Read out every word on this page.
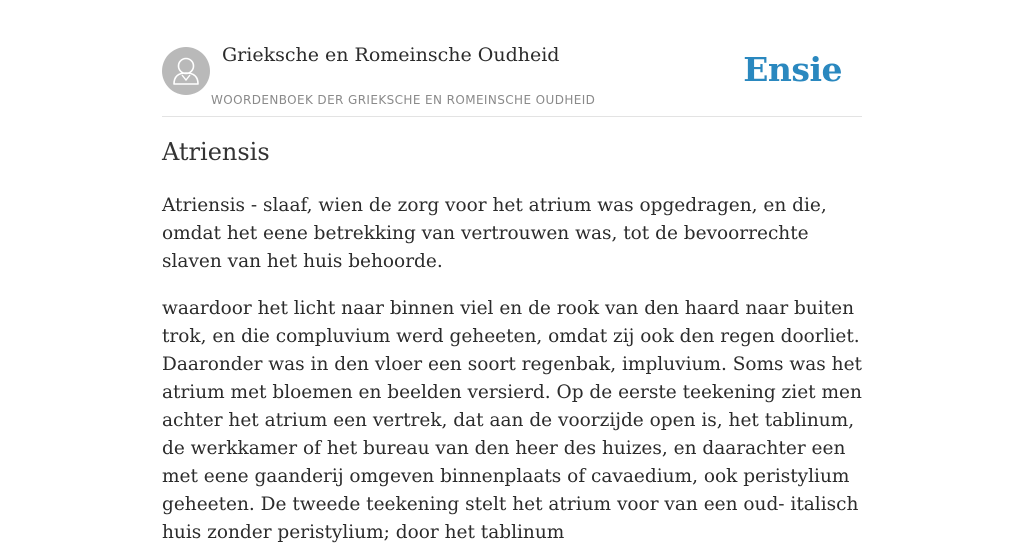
Grieksche en Romeinsche Oudheid
WOORDENBOEK DER GRIEKSCHE EN ROMEINSCHE OUDHEID
Ensie
Atriensis

Atriensis - slaaf, wien de zorg voor het atrium was opgedragen, en die, omdat het eene betrekking van vertrouwen was, tot de bevoorrechte slaven van het huis behoorde.

waardoor het licht naar binnen viel en de rook van den haard naar buiten trok, en die compluvium werd geheeten, omdat zij ook den regen doorliet. Daaronder was in den vloer een soort regenbak, impluvium. Soms was het atrium met bloemen en beelden versierd. Op de eerste teekening ziet men achter het atrium een vertrek, dat aan de voorzijde open is, het tablinum, de werkkamer of het bureau van den heer des huizes, en daarachter een met eene gaanderij omgeven binnenplaats of cavaedium, ook peristylium geheeten. De tweede teekening stelt het atrium voor van een oud- italisch huis zonder peristylium; door het tablinum
